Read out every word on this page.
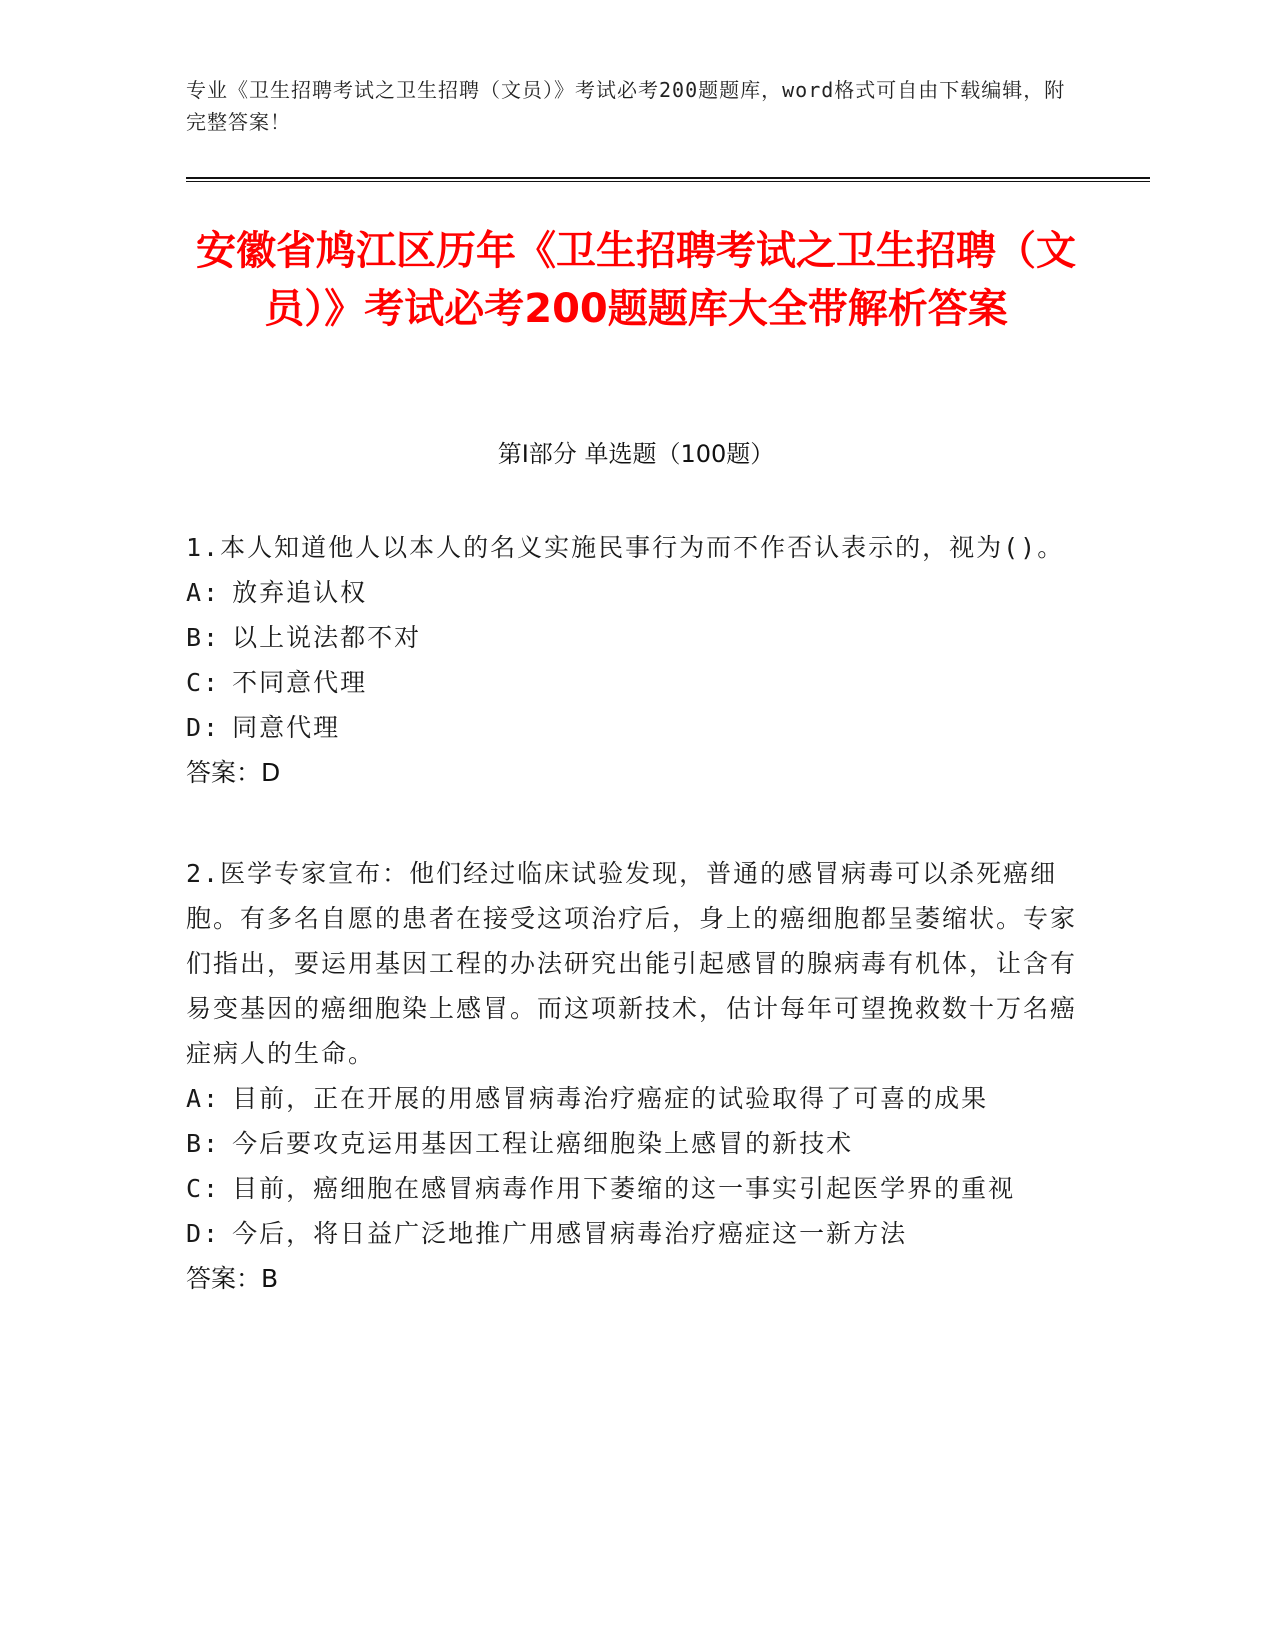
专业《卫生招聘考试之卫生招聘（文员）》考试必考200题题库，word格式可自由下载编辑，附完整答案！
安徽省鸠江区历年《卫生招聘考试之卫生招聘（文员）》考试必考200题题库大全带解析答案
第Ⅰ部分 单选题（100题）

1.本人知道他人以本人的名义实施民事行为而不作否认表示的，视为()。

A: 放弃追认权
B: 以上说法都不对
C: 不同意代理
D: 同意代理
答案：D

2.医学专家宣布：他们经过临床试验发现，普通的感冒病毒可以杀死癌细胞。有多名自愿的患者在接受这项治疗后，身上的癌细胞都呈萎缩状。专家们指出，要运用基因工程的办法研究出能引起感冒的腺病毒有机体，让含有易变基因的癌细胞染上感冒。而这项新技术，估计每年可望挽救数十万名癌症病人的生命。

A: 目前，正在开展的用感冒病毒治疗癌症的试验取得了可喜的成果
B: 今后要攻克运用基因工程让癌细胞染上感冒的新技术
C: 目前，癌细胞在感冒病毒作用下萎缩的这一事实引起医学界的重视
D: 今后，将日益广泛地推广用感冒病毒治疗癌症这一新方法
答案：B
